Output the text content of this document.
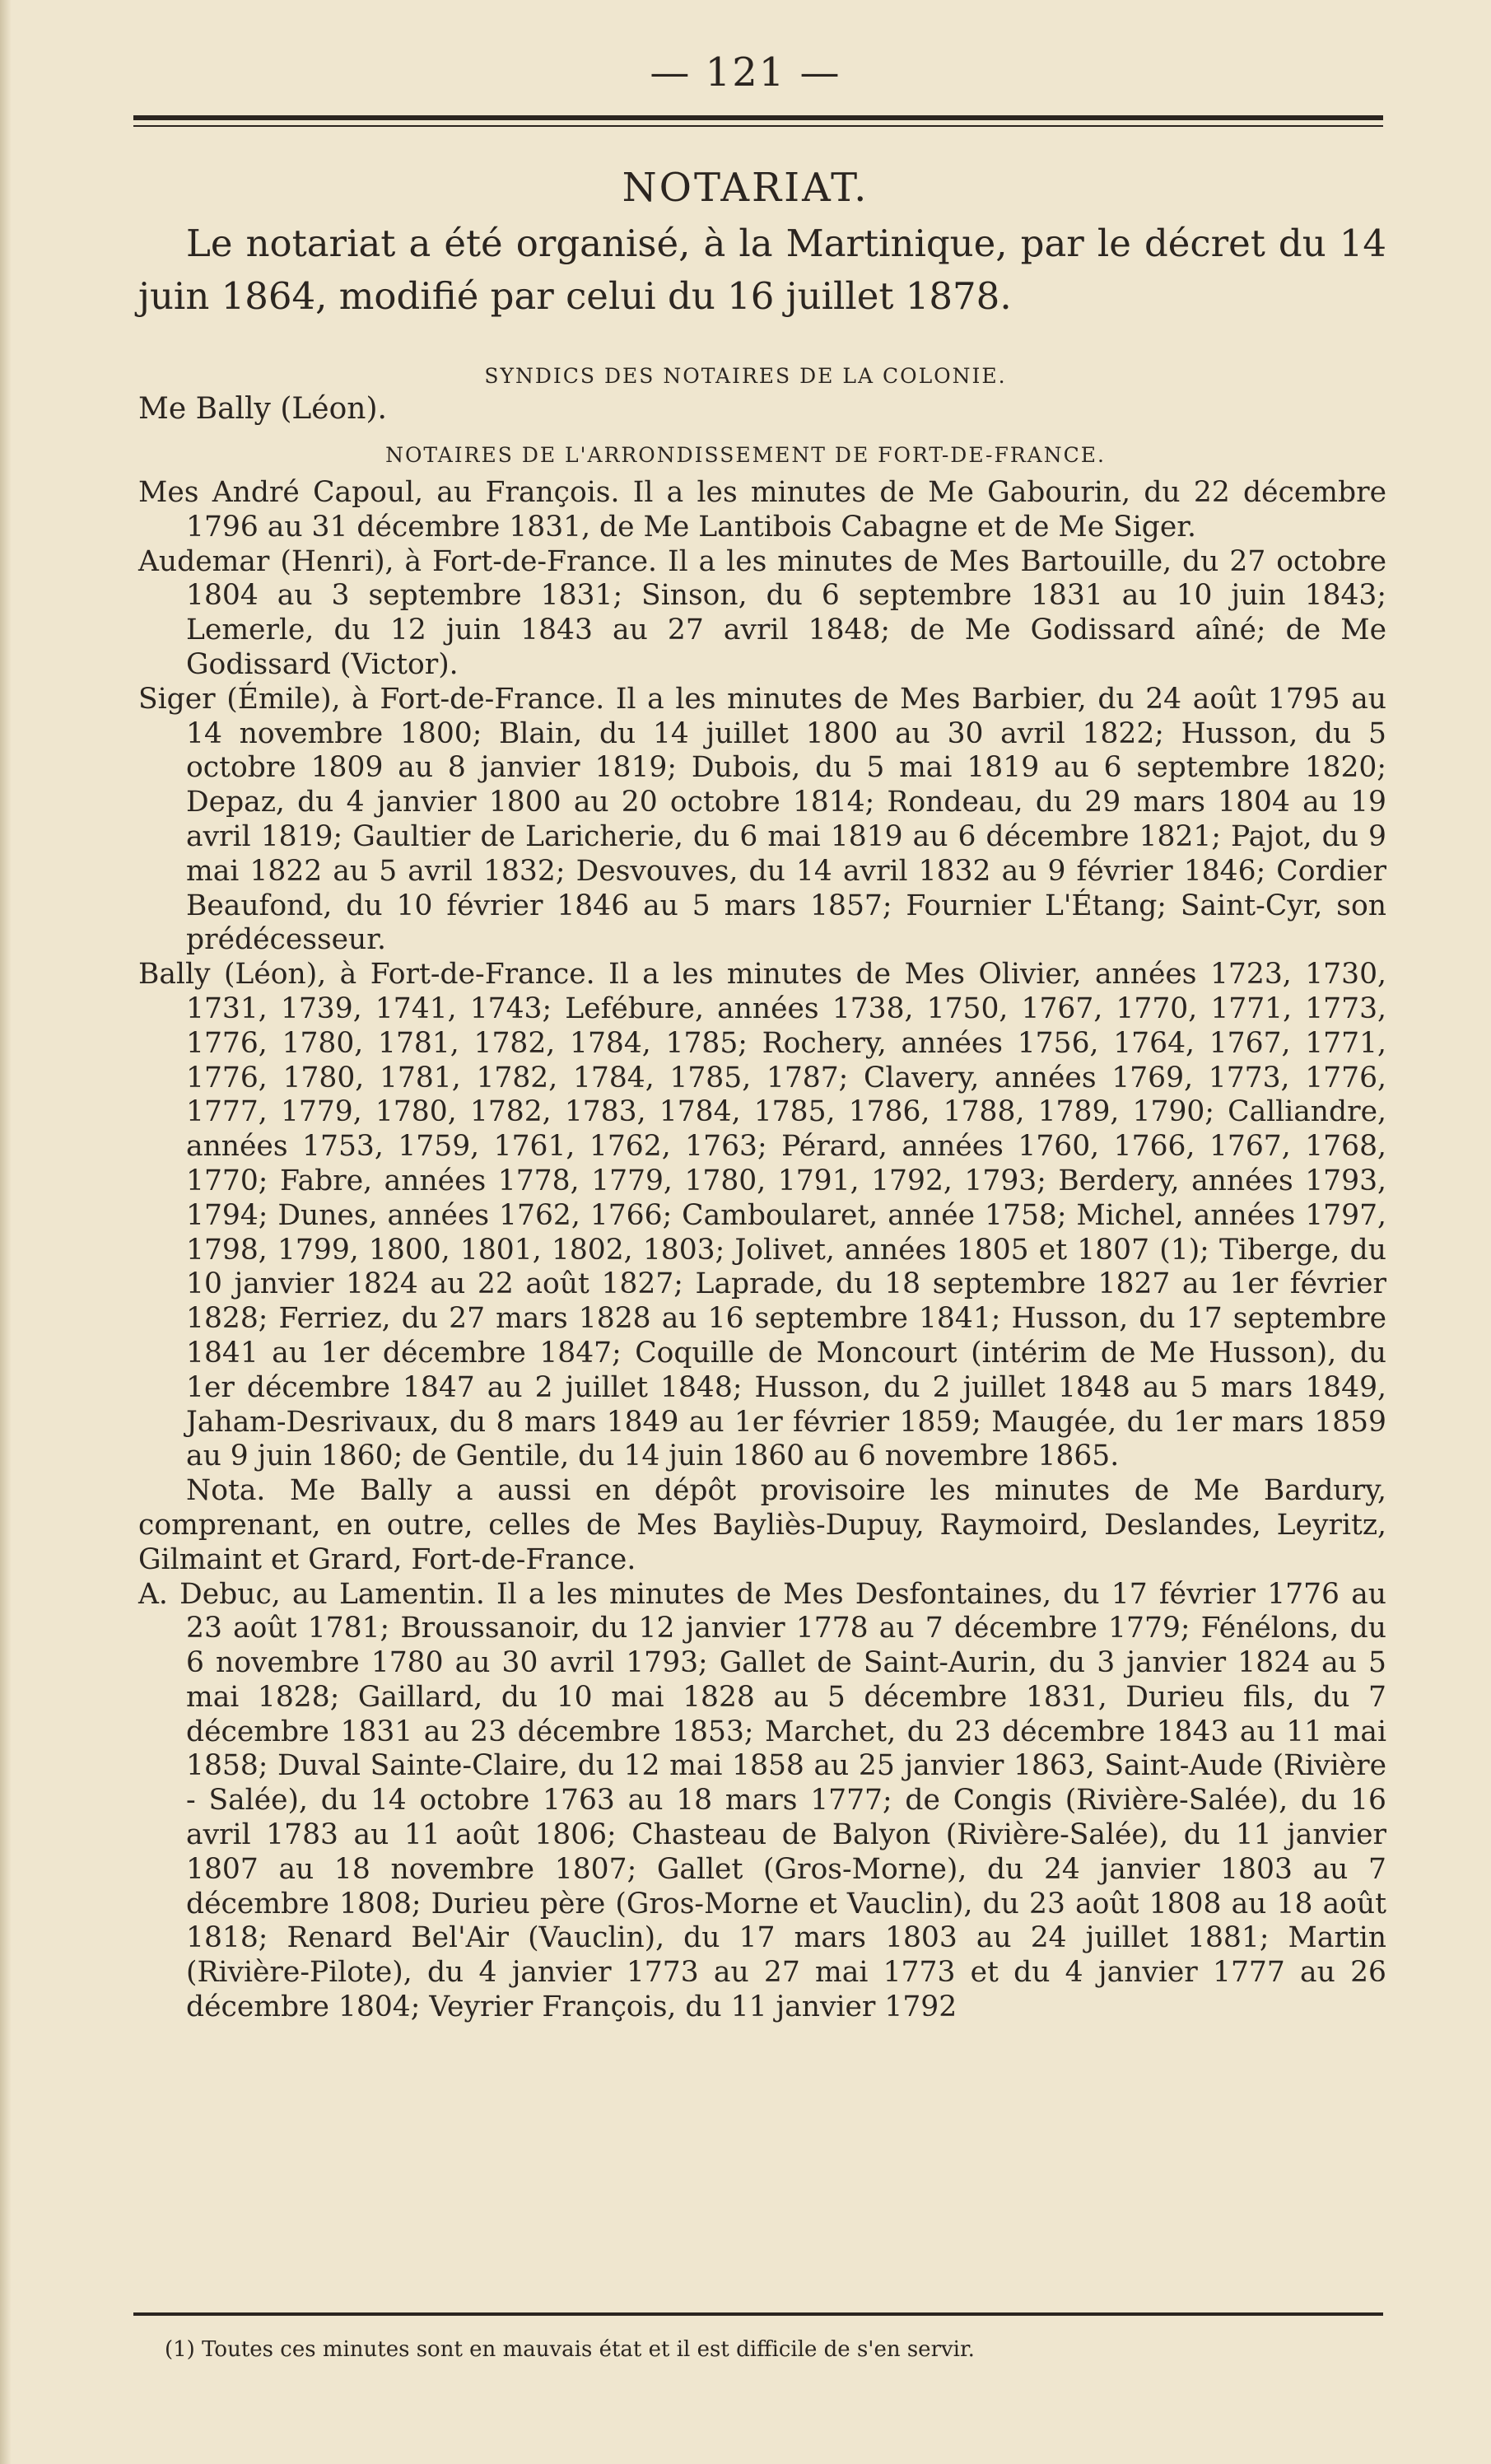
— 121 —
NOTARIAT.
Le notariat a été organisé, à la Martinique, par le décret du 14 juin 1864, modifié par celui du 16 juillet 1878.
SYNDICS DES NOTAIRES DE LA COLONIE.
Me Bally (Léon).
NOTAIRES DE L'ARRONDISSEMENT DE FORT-DE-FRANCE.

Mes André Capoul, au François. Il a les minutes de Me Gabourin, du 22 décembre 1796 au 31 décembre 1831, de Me Lantibois Cabagne et de Me Siger.

Audemar (Henri), à Fort-de-France. Il a les minutes de Mes Bartouille, du 27 octobre 1804 au 3 septembre 1831; Sinson, du 6 septembre 1831 au 10 juin 1843; Lemerle, du 12 juin 1843 au 27 avril 1848; de Me Godissard aîné; de Me Godissard (Victor).

Siger (Émile), à Fort-de-France. Il a les minutes de Mes Barbier, du 24 août 1795 au 14 novembre 1800; Blain, du 14 juillet 1800 au 30 avril 1822; Husson, du 5 octobre 1809 au 8 janvier 1819; Dubois, du 5 mai 1819 au 6 septembre 1820; Depaz, du 4 janvier 1800 au 20 octobre 1814; Rondeau, du 29 mars 1804 au 19 avril 1819; Gaultier de Laricherie, du 6 mai 1819 au 6 décembre 1821; Pajot, du 9 mai 1822 au 5 avril 1832; Desvouves, du 14 avril 1832 au 9 février 1846; Cordier Beaufond, du 10 février 1846 au 5 mars 1857; Fournier L'Étang; Saint-Cyr, son prédécesseur.

Bally (Léon), à Fort-de-France. Il a les minutes de Mes Olivier, années 1723, 1730, 1731, 1739, 1741, 1743; Lefébure, années 1738, 1750, 1767, 1770, 1771, 1773, 1776, 1780, 1781, 1782, 1784, 1785; Rochery, années 1756, 1764, 1767, 1771, 1776, 1780, 1781, 1782, 1784, 1785, 1787; Clavery, années 1769, 1773, 1776, 1777, 1779, 1780, 1782, 1783, 1784, 1785, 1786, 1788, 1789, 1790; Calliandre, années 1753, 1759, 1761, 1762, 1763; Pérard, années 1760, 1766, 1767, 1768, 1770; Fabre, années 1778, 1779, 1780, 1791, 1792, 1793; Berdery, années 1793, 1794; Dunes, années 1762, 1766; Camboularet, année 1758; Michel, années 1797, 1798, 1799, 1800, 1801, 1802, 1803; Jolivet, années 1805 et 1807 (1); Tiberge, du 10 janvier 1824 au 22 août 1827; Laprade, du 18 septembre 1827 au 1er février 1828; Ferriez, du 27 mars 1828 au 16 septembre 1841; Husson, du 17 septembre 1841 au 1er décembre 1847; Coquille de Moncourt (intérim de Me Husson), du 1er décembre 1847 au 2 juillet 1848; Husson, du 2 juillet 1848 au 5 mars 1849, Jaham-Desrivaux, du 8 mars 1849 au 1er février 1859; Maugée, du 1er mars 1859 au 9 juin 1860; de Gentile, du 14 juin 1860 au 6 novembre 1865.

Nota. Me Bally a aussi en dépôt provisoire les minutes de Me Bardury, comprenant, en outre, celles de Mes Bayliès-Dupuy, Raymoird, Deslandes, Leyritz, Gilmaint et Grard, Fort-de-France.

A. Debuc, au Lamentin. Il a les minutes de Mes Desfontaines, du 17 février 1776 au 23 août 1781; Broussanoir, du 12 janvier 1778 au 7 décembre 1779; Fénélons, du 6 novembre 1780 au 30 avril 1793; Gallet de Saint-Aurin, du 3 janvier 1824 au 5 mai 1828; Gaillard, du 10 mai 1828 au 5 décembre 1831, Durieu fils, du 7 décembre 1831 au 23 décembre 1853; Marchet, du 23 décembre 1843 au 11 mai 1858; Duval Sainte-Claire, du 12 mai 1858 au 25 janvier 1863, Saint-Aude (Rivière - Salée), du 14 octobre 1763 au 18 mars 1777; de Congis (Rivière-Salée), du 16 avril 1783 au 11 août 1806; Chasteau de Balyon (Rivière-Salée), du 11 janvier 1807 au 18 novembre 1807; Gallet (Gros-Morne), du 24 janvier 1803 au 7 décembre 1808; Durieu père (Gros-Morne et Vauclin), du 23 août 1808 au 18 août 1818; Renard Bel'Air (Vauclin), du 17 mars 1803 au 24 juillet 1881; Martin (Rivière-Pilote), du 4 janvier 1773 au 27 mai 1773 et du 4 janvier 1777 au 26 décembre 1804; Veyrier François, du 11 janvier 1792

(1) Toutes ces minutes sont en mauvais état et il est difficile de s'en servir.
